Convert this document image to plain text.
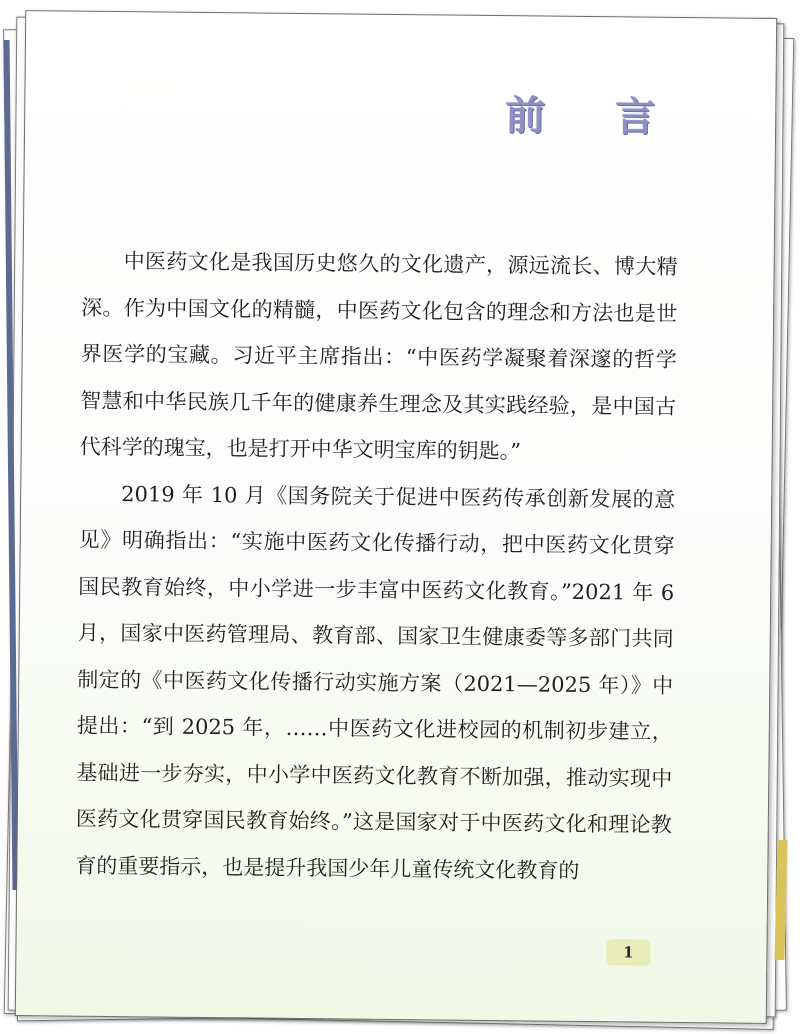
前 言

中医药文化是我国历史悠久的文化遗产，源远流长、博大精深。作为中国文化的精髓，中医药文化包含的理念和方法也是世界医学的宝藏。习近平主席指出：“中医药学凝聚着深邃的哲学智慧和中华民族几千年的健康养生理念及其实践经验，是中国古代科学的瑰宝，也是打开中华文明宝库的钥匙。”

2019 年 10 月《国务院关于促进中医药传承创新发展的意见》明确指出：“实施中医药文化传播行动，把中医药文化贯穿国民教育始终，中小学进一步丰富中医药文化教育。”2021 年 6 月，国家中医药管理局、教育部、国家卫生健康委等多部门共同制定的《中医药文化传播行动实施方案（2021—2025 年）》中提出：“到 2025 年，……中医药文化进校园的机制初步建立，基础进一步夯实，中小学中医药文化教育不断加强，推动实现中医药文化贯穿国民教育始终。”这是国家对于中医药文化和理论教育的重要指示，也是提升我国少年儿童传统文化教育的

1
